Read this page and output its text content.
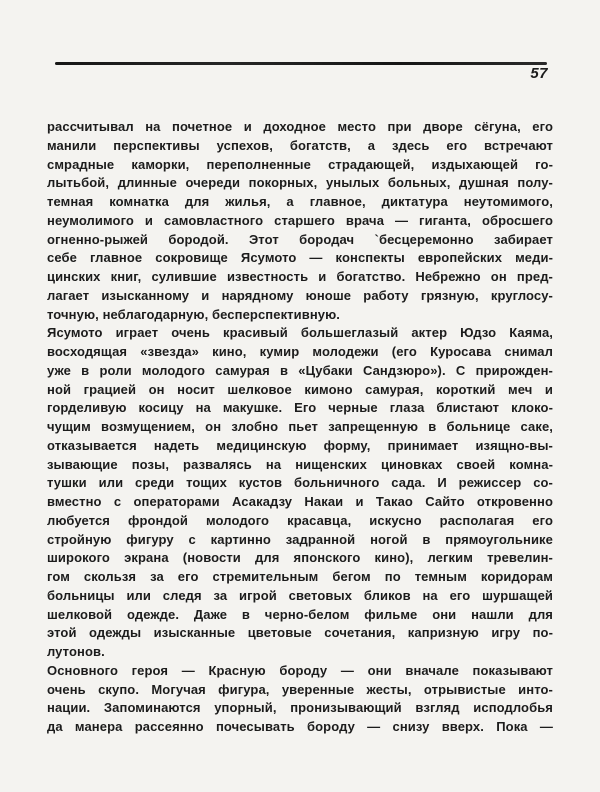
57
рассчитывал на почетное и доходное место при дворе сёгуна, его
манили перспективы успехов, богатств, а здесь его встречают
смрадные каморки, переполненные страдающей, издыхающей го-
лытьбой, длинные очереди покорных, унылых больных, душная полу-
темная комнатка для жилья, а главное, диктатура неутомимого,
неумолимого и самовластного старшего врача — гиганта, обросшего
огненно-рыжей бородой. Этот бородач `бесцеремонно забирает
себе главное сокровище Ясумото — конспекты европейских меди-
цинских книг, сулившие известность и богатство. Небрежно он пред-
лагает изысканному и нарядному юноше работу грязную, круглосу-
точную, неблагодарную, бесперспективную.
Ясумото играет очень красивый большеглазый актер Юдзо Каяма,
восходящая «звезда» кино, кумир молодежи (его Куросава снимал
уже в роли молодого самурая в «Цубаки Сандзюро»). С прирожден-
ной грацией он носит шелковое кимоно самурая, короткий меч и
горделивую косицу на макушке. Его черные глаза блистают клоко-
чущим возмущением, он злобно пьет запрещенную в больнице саке,
отказывается надеть медицинскую форму, принимает изящно-вы-
зывающие позы, развалясь на нищенских циновках своей комна-
тушки или среди тощих кустов больничного сада. И режиссер со-
вместно с операторами Асакадзу Накаи и Такао Сайто откровенно
любуется фрондой молодого красавца, искусно располагая его
стройную фигуру с картинно задранной ногой в прямоугольнике
широкого экрана (новости для японского кино), легким тревелин-
гом скользя за его стремительным бегом по темным коридорам
больницы или следя за игрой световых бликов на его шуршащей
шелковой одежде. Даже в черно-белом фильме они нашли для
этой одежды изысканные цветовые сочетания, капризную игру по-
лутонов.
Основного героя — Красную бороду — они вначале показывают
очень скупо. Могучая фигура, уверенные жесты, отрывистые инто-
нации. Запоминаются упорный, пронизывающий взгляд исподлобья
да манера рассеянно почесывать бороду — снизу вверх. Пока —
